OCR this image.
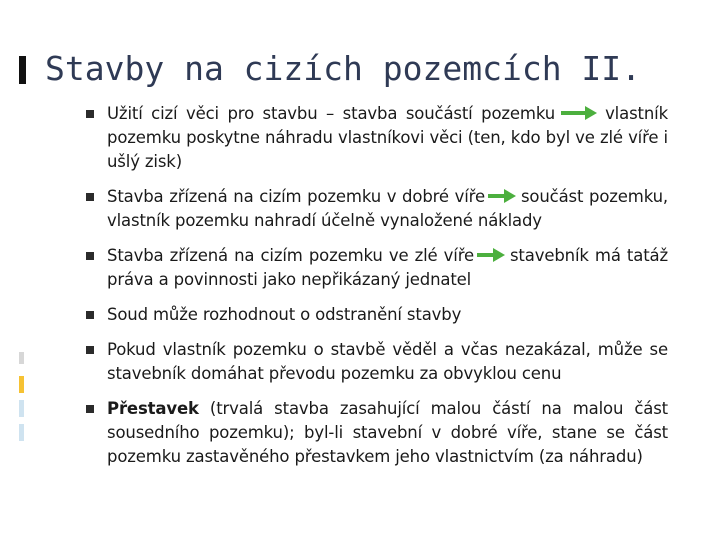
Stavby na cizích pozemcích II.
Užití cizí věci pro stavbu – stavba součástí pozemku	vlastník pozemku poskytne náhradu vlastníkovi věci (ten, kdo byl ve zlé víře i ušlý zisk)
Stavba zřízená na cizím pozemku v dobré víře součást pozemku, vlastník pozemku nahradí účelně vynaložené náklady
Stavba zřízená na cizím pozemku ve zlé víře stavebník má tatáž práva a povinnosti jako nepřikázaný jednatel
Soud může rozhodnout o odstranění stavby
Pokud vlastník pozemku o stavbě věděl a včas nezakázal, může se stavebník domáhat převodu pozemku za obvyklou cenu
Přestavek (trvalá stavba zasahující malou částí na malou část sousedního pozemku); byl-li stavební v dobré víře, stane se část pozemku zastavěného přestavkem jeho vlastnictvím (za náhradu)
